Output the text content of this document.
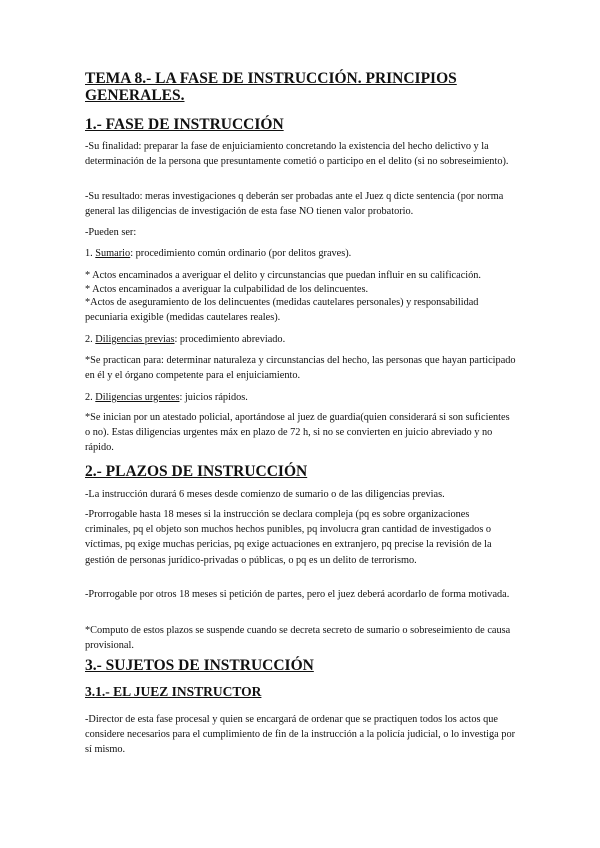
TEMA 8.- LA FASE DE INSTRUCCIÓN. PRINCIPIOS GENERALES.
1.- FASE DE INSTRUCCIÓN
-Su finalidad: preparar la fase de enjuiciamiento concretando la existencia del hecho delictivo y la determinación de la persona que presuntamente cometió o participo en el delito (si no sobreseimiento).
-Su resultado: meras investigaciones q deberán ser probadas ante el Juez q dicte sentencia (por norma general las diligencias de investigación de esta fase NO tienen valor probatorio.
-Pueden ser:
1. Sumario: procedimiento común ordinario (por delitos graves).
* Actos encaminados a averiguar el delito y circunstancias que puedan influir en su calificación.
* Actos encaminados a averiguar la culpabilidad de los delincuentes.
*Actos de aseguramiento de los delincuentes (medidas cautelares personales) y responsabilidad pecuniaria exigible (medidas cautelares reales).
2. Diligencias previas: procedimiento abreviado.
*Se practican para: determinar naturaleza y circunstancias del hecho, las personas que hayan participado en él y el órgano competente para el enjuiciamiento.
2. Diligencias urgentes: juicios rápidos.
*Se inician por un atestado policial, aportándose al juez de guardia(quien considerará si son suficientes o no). Estas diligencias urgentes máx en plazo de 72 h, si no se convierten en juicio abreviado y no rápido.
2.- PLAZOS DE INSTRUCCIÓN
-La instrucción durará 6 meses desde comienzo de sumario o de las diligencias previas.
-Prorrogable hasta 18 meses si la instrucción se declara compleja (pq es sobre organizaciones criminales, pq el objeto son muchos hechos punibles, pq involucra gran cantidad de investigados o víctimas, pq exige muchas pericias, pq exige actuaciones en extranjero, pq precise la revisión de la gestión de personas jurídico-privadas o públicas, o pq es un delito de terrorismo.
-Prorrogable por otros 18 meses si petición de partes, pero el juez deberá acordarlo de forma motivada.
*Computo de estos plazos se suspende cuando se decreta secreto de sumario o sobreseimiento de causa provisional.
3.- SUJETOS DE INSTRUCCIÓN
3.1.- EL JUEZ INSTRUCTOR
-Director de esta fase procesal y quien se encargará de ordenar que se practiquen todos los actos que considere necesarios para el cumplimiento de fin de la instrucción a la policía judicial, o lo investiga por sí mismo.
